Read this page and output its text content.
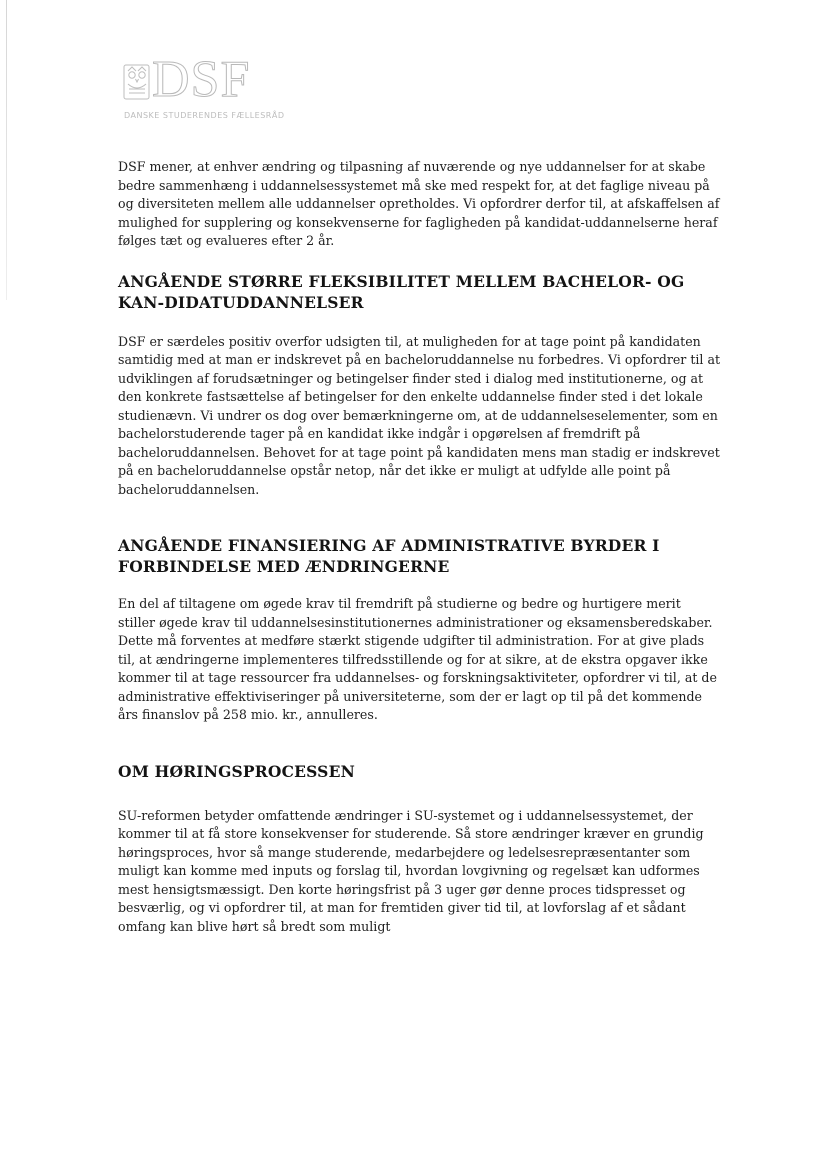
DSF
DANSKE STUDERENDES FÆLLESRÅD

DSF mener, at enhver ændring og tilpasning af nuværende og nye uddannelser for at skabe bedre sammenhæng i uddannelsessystemet må ske med respekt for, at det faglige niveau på og diversiteten mellem alle uddannelser opretholdes. Vi opfordrer derfor til, at afskaffelsen af mulighed for supplering og konsekvenserne for fagligheden på kandidat-uddannelserne heraf følges tæt og evalueres efter 2 år.

ANGÅENDE STØRRE FLEKSIBILITET MELLEM BACHELOR- OG KAN-DIDATUDDANNELSER

DSF er særdeles positiv overfor udsigten til, at muligheden for at tage point på kandidaten samtidig med at man er indskrevet på en bacheloruddannelse nu forbedres. Vi opfordrer til at udviklingen af forudsætninger og betingelser finder sted i dialog med institutionerne, og at den konkrete fastsættelse af betingelser for den enkelte uddannelse finder sted i det lokale studienævn. Vi undrer os dog over bemærkningerne om, at de uddannelseselementer, som en bachelorstuderende tager på en kandidat ikke indgår i opgørelsen af fremdrift på bacheloruddannelsen. Behovet for at tage point på kandidaten mens man stadig er indskrevet på en bacheloruddannelse opstår netop, når det ikke er muligt at udfylde alle point på bacheloruddannelsen.

ANGÅENDE FINANSIERING AF ADMINISTRATIVE BYRDER I FORBINDELSE MED ÆNDRINGERNE

En del af tiltagene om øgede krav til fremdrift på studierne og bedre og hurtigere merit stiller øgede krav til uddannelsesinstitutionernes administrationer og eksamensberedskaber. Dette må forventes at medføre stærkt stigende udgifter til administration. For at give plads til, at ændringerne implementeres tilfredsstillende og for at sikre, at de ekstra opgaver ikke kommer til at tage ressourcer fra uddannelses- og forskningsaktiviteter, opfordrer vi til, at de administrative effektiviseringer på universiteterne, som der er lagt op til på det kommende års finanslov på 258 mio. kr., annulleres.

OM HØRINGSPROCESSEN

SU-reformen betyder omfattende ændringer i SU-systemet og i uddannelsessystemet, der kommer til at få store konsekvenser for studerende. Så store ændringer kræver en grundig høringsproces, hvor så mange studerende, medarbejdere og ledelsesrepræsentanter som muligt kan komme med inputs og forslag til, hvordan lovgivning og regelsæt kan udformes mest hensigtsmæssigt. Den korte høringsfrist på 3 uger gør denne proces tidspresset og besværlig, og vi opfordrer til, at man for fremtiden giver tid til, at lovforslag af et sådant omfang kan blive hørt så bredt som muligt
